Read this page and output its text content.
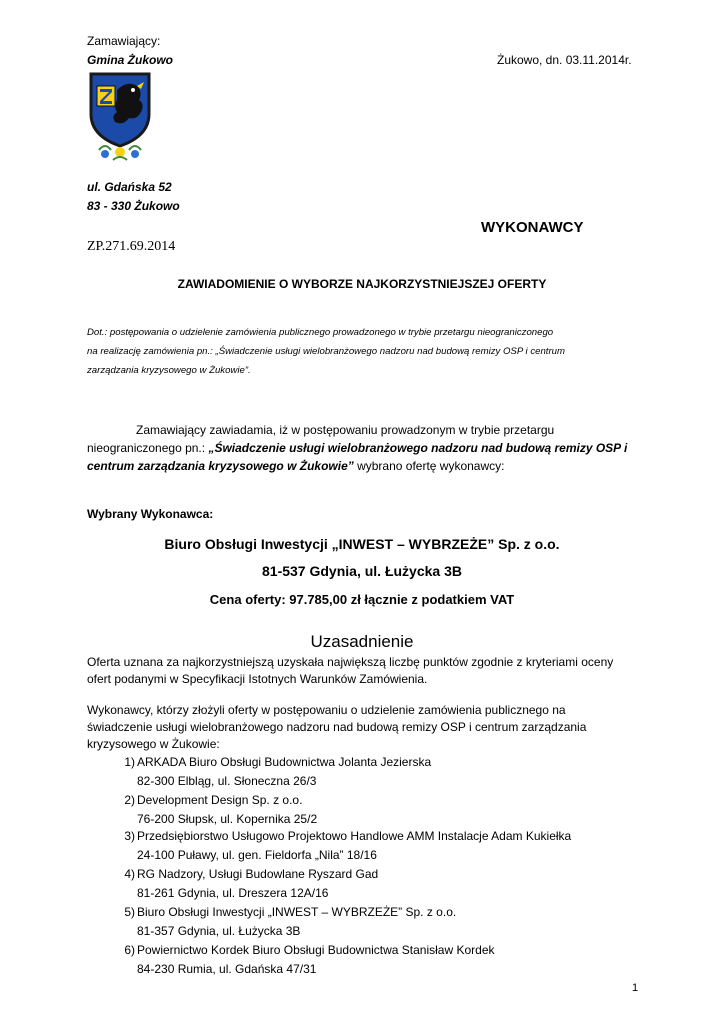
Zamawiający:
Gmina Żukowo	Żukowo, dn. 03.11.2014r.
ul. Gdańska 52
83 - 330 Żukowo
WYKONAWCY
ZP.271.69.2014
ZAWIADOMIENIE O WYBORZE NAJKORZYSTNIEJSZEJ OFERTY
Dot.: postępowania o udzielenie zamówienia publicznego prowadzonego w trybie przetargu nieograniczonego
na realizację zamówienia pn.: „Świadczenie usługi wielobranżowego nadzoru nad budową remizy OSP i centrum
zarządzania kryzysowego w Żukowie”.
Zamawiający zawiadamia, iż w postępowaniu prowadzonym w trybie przetargu
nieograniczonego pn.: „Świadczenie usługi wielobranżowego nadzoru nad budową remizy OSP i
centrum zarządzania kryzysowego w Żukowie” wybrano ofertę wykonawcy:
Wybrany Wykonawca:
Biuro Obsługi Inwestycji „INWEST – WYBRZEŻE” Sp. z o.o.
81-537 Gdynia, ul. Łużycka 3B
Cena oferty: 97.785,00 zł łącznie z podatkiem VAT
Uzasadnienie
Oferta uznana za najkorzystniejszą uzyskała największą liczbę punktów zgodnie z kryteriami oceny
ofert podanymi w Specyfikacji Istotnych Warunków Zamówienia.
Wykonawcy, którzy złożyli oferty w postępowaniu o udzielenie zamówienia publicznego na
świadczenie usługi wielobranżowego nadzoru nad budową remizy OSP i centrum zarządzania
kryzysowego w Żukowie:
1) ARKADA Biuro Obsługi Budownictwa Jolanta Jezierska
82-300 Elbląg, ul. Słoneczna 26/3
2) Development Design Sp. z o.o.
76-200 Słupsk, ul. Kopernika 25/2
3) Przedsiębiorstwo Usługowo Projektowo Handlowe AMM Instalacje Adam Kukiełka
24-100 Puławy, ul. gen. Fieldorfa „Nila” 18/16
4) RG Nadzory, Usługi Budowlane Ryszard Gad
81-261 Gdynia, ul. Dreszera 12A/16
5) Biuro Obsługi Inwestycji „INWEST – WYBRZEŻE” Sp. z o.o.
81-357 Gdynia, ul. Łużycka 3B
6) Powiernictwo Kordek Biuro Obsługi Budownictwa Stanisław Kordek
84-230 Rumia, ul. Gdańska 47/31
1
